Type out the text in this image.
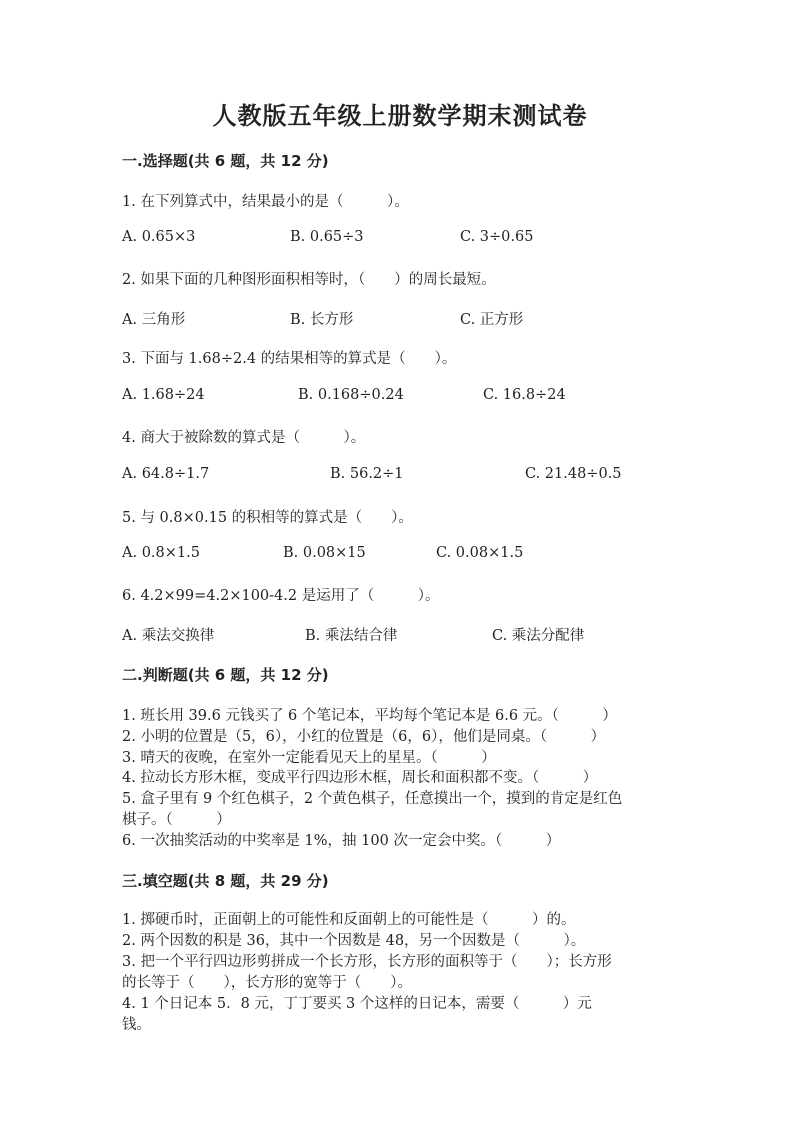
人教版五年级上册数学期末测试卷
一.选择题(共 6 题，共 12 分)
1. 在下列算式中，结果最小的是（　　　）。
A. 0.65×3	B. 0.65÷3	C. 3÷0.65
2. 如果下面的几种图形面积相等时，（　　）的周长最短。
A. 三角形	B. 长方形	C. 正方形
3. 下面与 1.68÷2.4 的结果相等的算式是（　　）。
A. 1.68÷24	B. 0.168÷0.24	C. 16.8÷24
4. 商大于被除数的算式是（　　　）。
A. 64.8÷1.7	B. 56.2÷1	C. 21.48÷0.5
5. 与 0.8×0.15 的积相等的算式是（　　）。
A. 0.8×1.5	B. 0.08×15	C. 0.08×1.5
6. 4.2×99=4.2×100-4.2 是运用了（　　　）。
A. 乘法交换律	B. 乘法结合律	C. 乘法分配律
二.判断题(共 6 题，共 12 分)
1. 班长用 39.6 元钱买了 6 个笔记本，平均每个笔记本是 6.6 元。（　　　）
2. 小明的位置是（5，6），小红的位置是（6，6），他们是同桌。（　　　）
3. 晴天的夜晚，在室外一定能看见天上的星星。（　　　）
4. 拉动长方形木框，变成平行四边形木框，周长和面积都不变。（　　　）
5. 盒子里有 9 个红色棋子，2 个黄色棋子，任意摸出一个，摸到的肯定是红色
棋子。（　　　）
6. 一次抽奖活动的中奖率是 1%，抽 100 次一定会中奖。（　　　）
三.填空题(共 8 题，共 29 分)
1. 掷硬币时，正面朝上的可能性和反面朝上的可能性是（　　　）的。
2. 两个因数的积是 36，其中一个因数是 48，另一个因数是（　　　）。
3. 把一个平行四边形剪拼成一个长方形，长方形的面积等于（　　）；长方形
的长等于（　　），长方形的宽等于（　　）。
4. 1 个日记本 5．8 元，丁丁要买 3 个这样的日记本，需要（　　　）元
钱。
